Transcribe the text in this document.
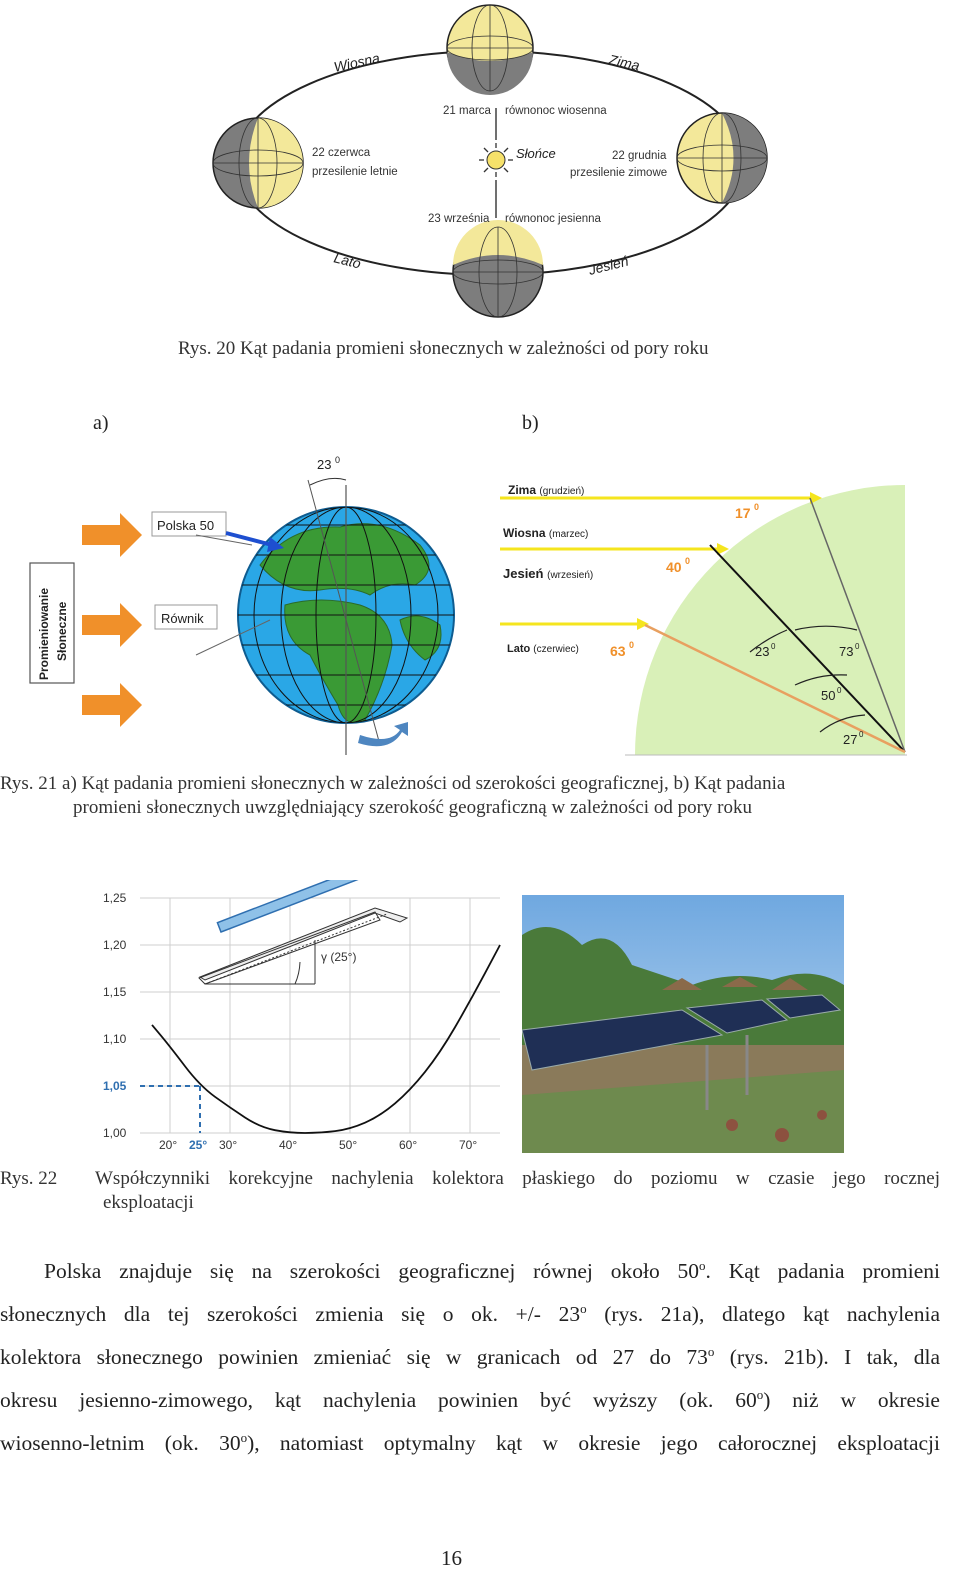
Wiosna	Zima
Lato	Jesień
Słońce
21 marca równonoc wiosenna
22 czerwca
przesilenie letnie
22 grudnia
przesilenie zimowe
23 września równonoc jesienna
Rys. 20 Kąt padania promieni słonecznych w zależności od pory roku
a)	b)
Promieniowanie Słoneczne
Polska 50
Równik
23 0
Zima (grudzień)
Wiosna (marzec)
Jesień (wrzesień)
Lato (czerwiec)
17
40
63
0
0
0	23	73
50
27
0	0
0
0
Rys. 21 a) Kąt padania promieni słonecznych w zależności od szerokości geograficznej, b) Kąt padania
promieni słonecznych uwzględniający szerokość geograficzną w zależności od pory roku
1,25
1,20
1,15
1,10
1,05
1,00
20° 25° 30°	40°	50°	60°	70°
γ (25°)
Rys. 22 Współczynniki korekcyjne nachylenia kolektora płaskiego do poziomu w czasie jego rocznej
eksploatacji
Polska znajduje się na szerokości geograficznej równej około 50$^o$. Kąt padania promieni
słonecznych dla tej szerokości zmienia się o ok. +/- 23$^o$ (rys. 21a), dlatego kąt nachylenia
kolektora słonecznego powinien zmieniać się w granicach od 27 do 73$^o$ (rys. 21b). I tak, dla
okresu jesienno-zimowego, kąt nachylenia powinien być wyższy (ok. 60$^o$) niż w okresie
wiosenno-letnim (ok. 30$^o$), natomiast optymalny kąt w okresie jego całorocznej eksploatacji
16
